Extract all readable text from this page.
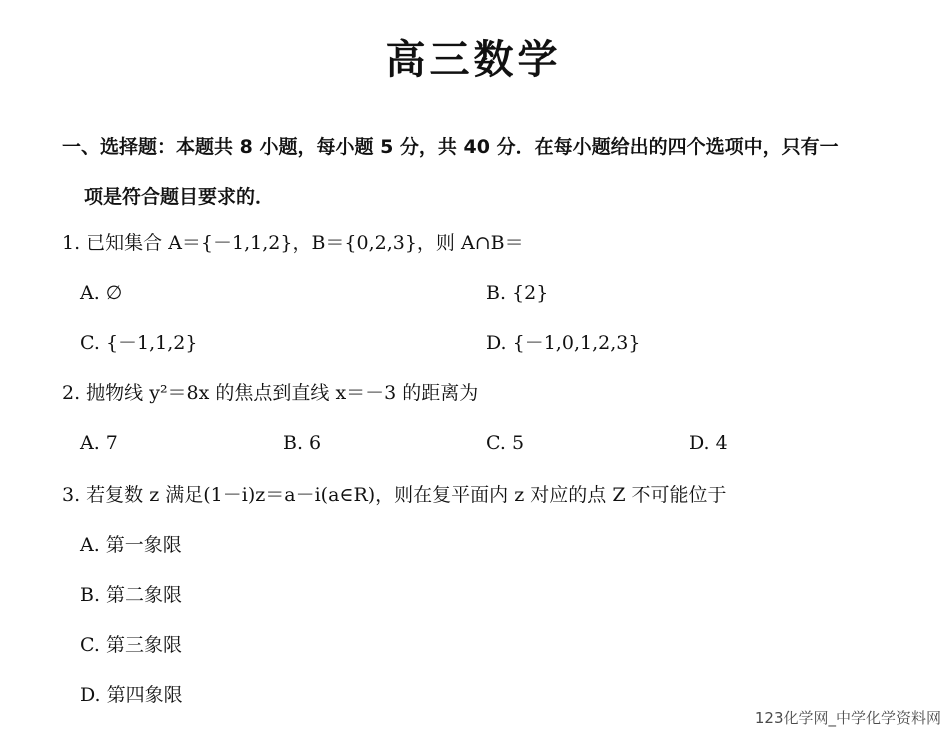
高三数学
一、选择题：本题共 8 小题，每小题 5 分，共 40 分．在每小题给出的四个选项中，只有一
项是符合题目要求的．
1. 已知集合 A＝{－1,1,2}，B＝{0,2,3}，则 A∩B＝
A. ∅	B. {2}
C. {－1,1,2}	D. {－1,0,1,2,3}
2. 抛物线 y²＝8x 的焦点到直线 x＝－3 的距离为
A. 7	B. 6	C. 5	D. 4
3. 若复数 z 满足(1－i)z＝a－i(a∈R)，则在复平面内 z 对应的点 Z 不可能位于
A. 第一象限
B. 第二象限
C. 第三象限
D. 第四象限
123化学网_中学化学资料网
